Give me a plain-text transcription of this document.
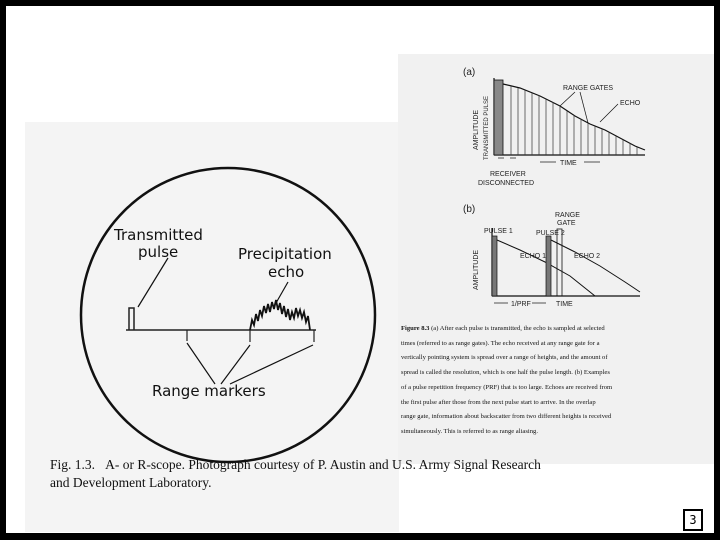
Transmitted
pulse	Precipitation
echo
Range markers
(a)
AMPLITUDE TRANSMITTED PULSE
RANGE GATES
ECHO
TIME
RECEIVER
DISCONNECTED
(b)
AMPLITUDE
PULSE 1	PULSE 2
RANGE
GATE
ECHO 1	ECHO 2
1/PRF	TIME
Figure 8.3 (a) After each pulse is transmitted, the echo is sampled at selected
times (referred to as range gates). The echo received at any range gate for a
vertically pointing system is spread over a range of heights, and the amount of
spread is called the resolution, which is one half the pulse length. (b) Examples
of a pulse repetition frequency (PRF) that is too large. Echoes are received from
the first pulse after those from the next pulse start to arrive. In the overlap
range gate, information about backscatter from two different heights is received
simultaneously. This is referred to as range aliasing.
Fig. 1.3. A- or R-scope. Photograph courtesy of P. Austin and U.S. Army Signal Research
and Development Laboratory.
3
